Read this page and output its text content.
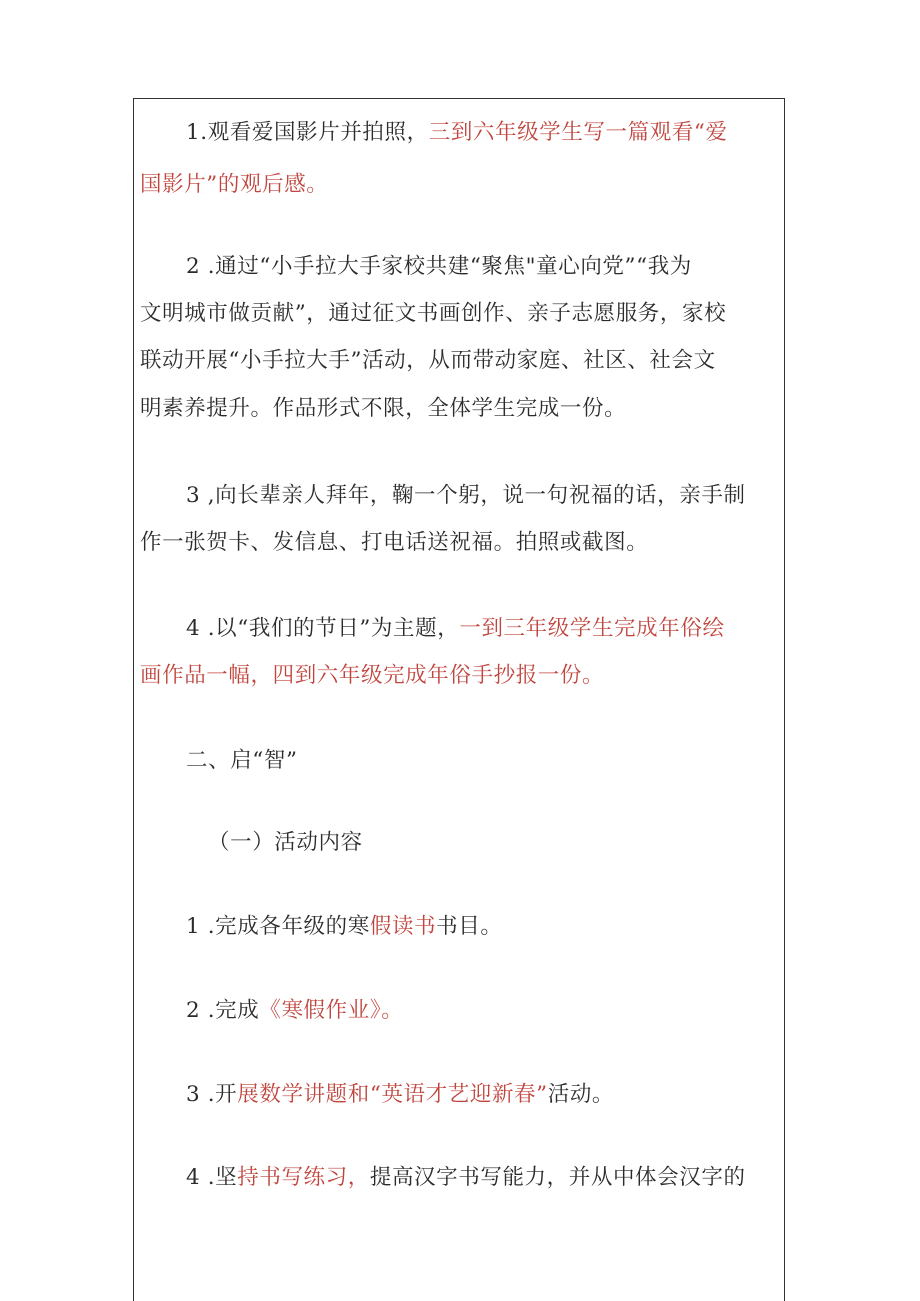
1.观看爱国影片并拍照，三到六年级学生写一篇观看“爱
国影片”的观后感。
2 .通过“小手拉大手家校共建“聚焦"童心向党”“我为
文明城市做贡献”，通过征文书画创作、亲子志愿服务，家校
联动开展“小手拉大手”活动，从而带动家庭、社区、社会文
明素养提升。作品形式不限，全体学生完成一份。
3 ,向长辈亲人拜年，鞠一个躬，说一句祝福的话，亲手制
作一张贺卡、发信息、打电话送祝福。拍照或截图。
4 .以“我们的节日”为主题，一到三年级学生完成年俗绘
画作品一幅，四到六年级完成年俗手抄报一份。
二、启“智”
（一）活动内容
1 .完成各年级的寒假读书书目。
2 .完成《寒假作业》。
3 .开展数学讲题和“英语才艺迎新春”活动。
4 .坚持书写练习，提高汉字书写能力，并从中体会汉字的
